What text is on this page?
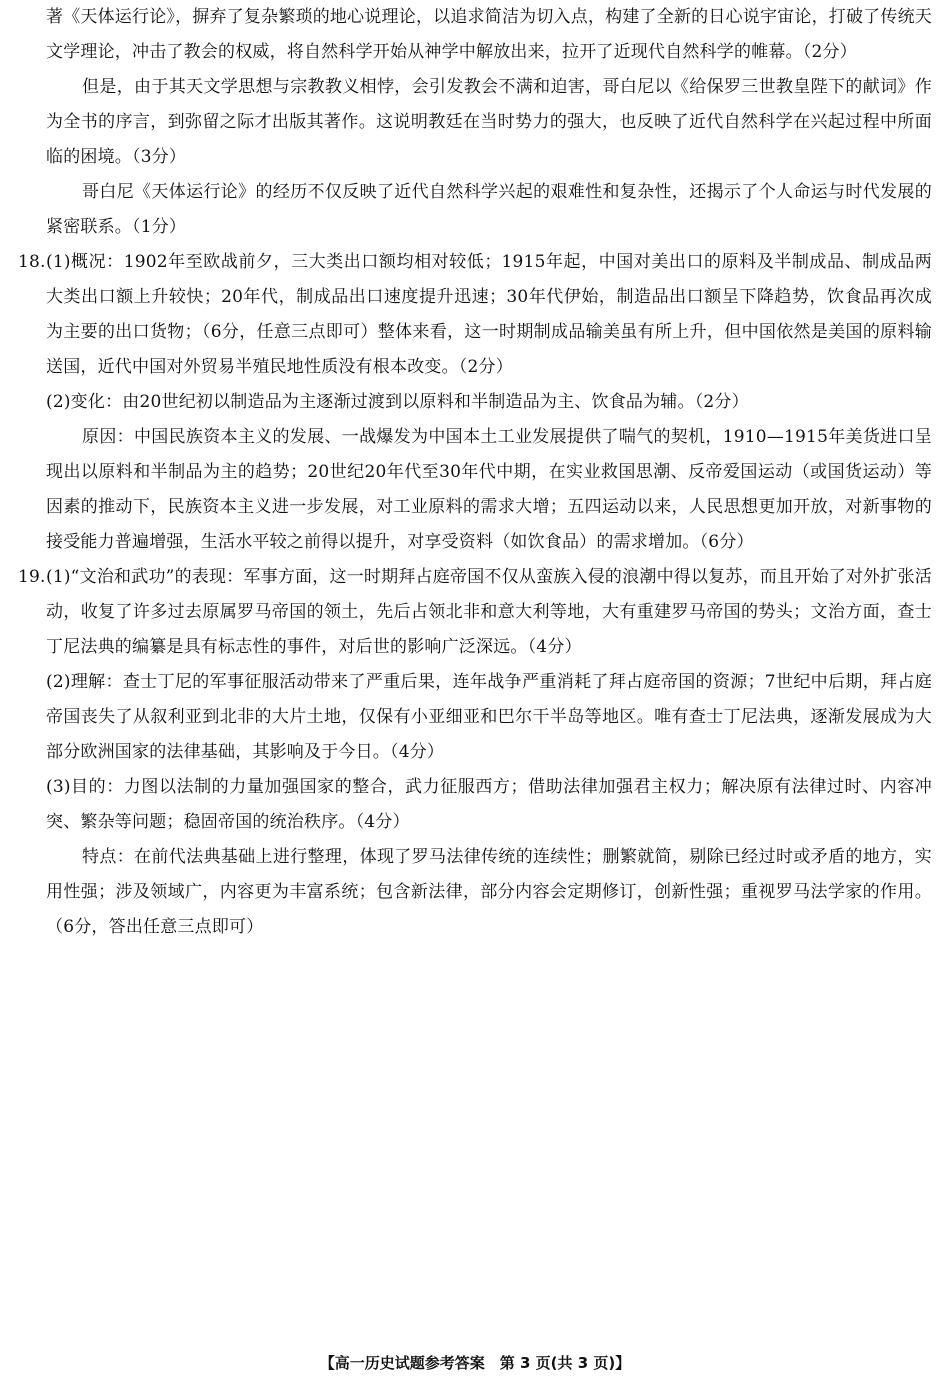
著《天体运行论》，摒弃了复杂繁琐的地心说理论，以追求简洁为切入点，构建了全新的日心说宇宙论，打破了传统天文学理论，冲击了教会的权威，将自然科学开始从神学中解放出来，拉开了近现代自然科学的帷幕。（2分）

但是，由于其天文学思想与宗教教义相悖，会引发教会不满和迫害，哥白尼以《给保罗三世教皇陛下的献词》作为全书的序言，到弥留之际才出版其著作。这说明教廷在当时势力的强大，也反映了近代自然科学在兴起过程中所面临的困境。（3分）

哥白尼《天体运行论》的经历不仅反映了近代自然科学兴起的艰难性和复杂性，还揭示了个人命运与时代发展的紧密联系。（1分）

18. (1)概况：1902年至欧战前夕，三大类出口额均相对较低；1915年起，中国对美出口的原料及半制成品、制成品两大类出口额上升较快；20年代，制成品出口速度提升迅速；30年代伊始，制造品出口额呈下降趋势，饮食品再次成为主要的出口货物；（6分，任意三点即可）整体来看，这一时期制成品输美虽有所上升，但中国依然是美国的原料输送国，近代中国对外贸易半殖民地性质没有根本改变。（2分）

(2)变化：由20世纪初以制造品为主逐渐过渡到以原料和半制造品为主、饮食品为辅。（2分）

原因：中国民族资本主义的发展、一战爆发为中国本土工业发展提供了喘气的契机，1910—1915年美货进口呈现出以原料和半制品为主的趋势；20世纪20年代至30年代中期，在实业救国思潮、反帝爱国运动（或国货运动）等因素的推动下，民族资本主义进一步发展，对工业原料的需求大增；五四运动以来，人民思想更加开放，对新事物的接受能力普遍增强，生活水平较之前得以提升，对享受资料（如饮食品）的需求增加。（6分）

19. (1)“文治和武功”的表现：军事方面，这一时期拜占庭帝国不仅从蛮族入侵的浪潮中得以复苏，而且开始了对外扩张活动，收复了许多过去原属罗马帝国的领土，先后占领北非和意大利等地，大有重建罗马帝国的势头；文治方面，查士丁尼法典的编纂是具有标志性的事件，对后世的影响广泛深远。（4分）

(2)理解：查士丁尼的军事征服活动带来了严重后果，连年战争严重消耗了拜占庭帝国的资源；7世纪中后期，拜占庭帝国丧失了从叙利亚到北非的大片土地，仅保有小亚细亚和巴尔干半岛等地区。唯有查士丁尼法典，逐渐发展成为大部分欧洲国家的法律基础，其影响及于今日。（4分）

(3)目的：力图以法制的力量加强国家的整合，武力征服西方；借助法律加强君主权力；解决原有法律过时、内容冲突、繁杂等问题；稳固帝国的统治秩序。（4分）

特点：在前代法典基础上进行整理，体现了罗马法律传统的连续性；删繁就简，剔除已经过时或矛盾的地方，实用性强；涉及领域广，内容更为丰富系统；包含新法律，部分内容会定期修订，创新性强；重视罗马法学家的作用。（6分，答出任意三点即可）

【高一历史试题参考答案　第 3 页(共 3 页)】
